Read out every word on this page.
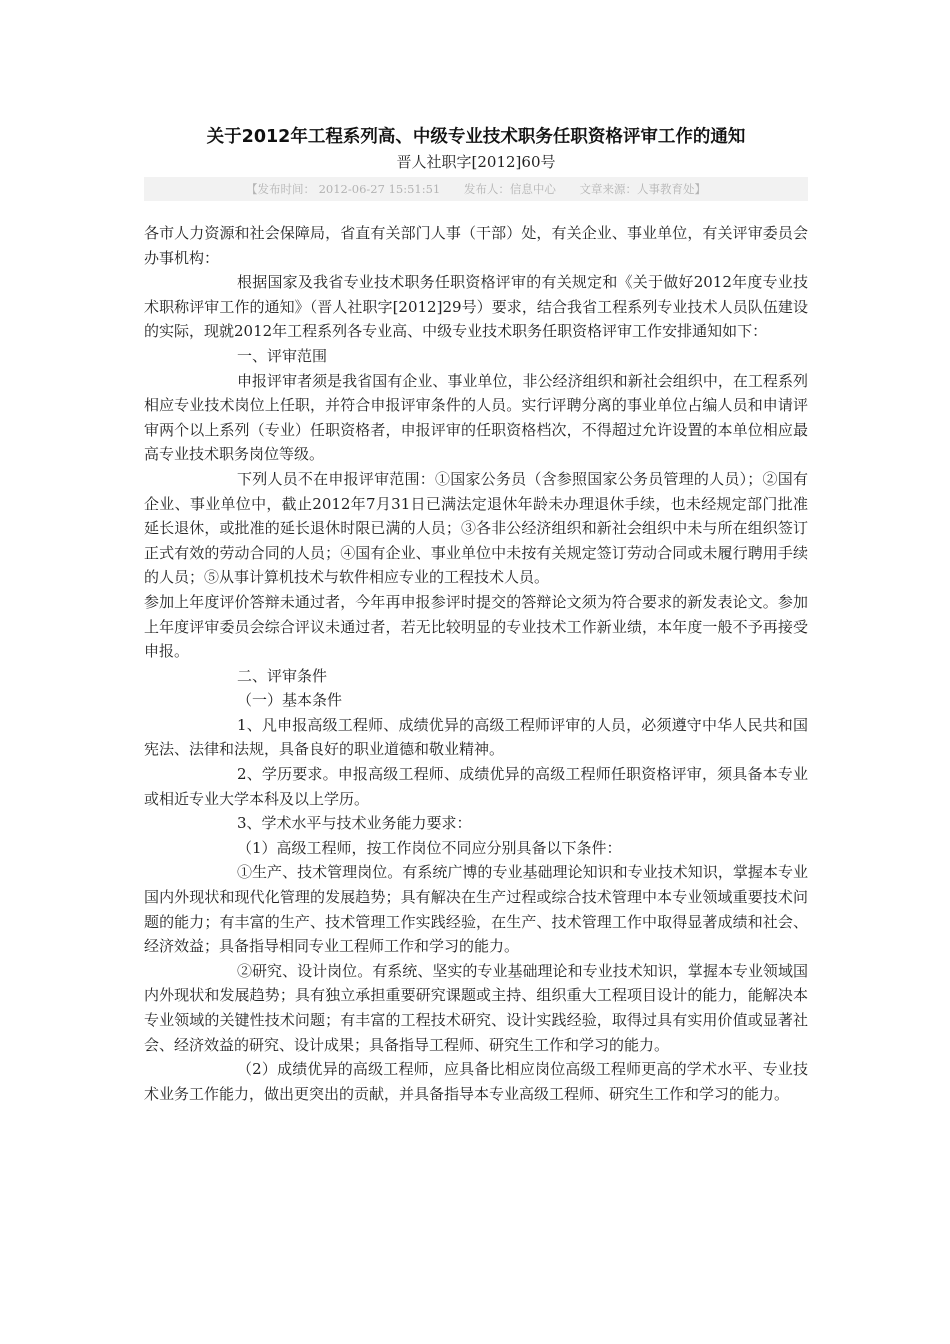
关于2012年工程系列高、中级专业技术职务任职资格评审工作的通知
晋人社职字[2012]60号
【发布时间： 2012-06-27 15:51:51 发布人：信息中心 文章来源：人事教育处】

各市人力资源和社会保障局，省直有关部门人事（干部）处，有关企业、事业单位，有关评审委员会办事机构：

根据国家及我省专业技术职务任职资格评审的有关规定和《关于做好2012年度专业技术职称评审工作的通知》（晋人社职字[2012]29号）要求，结合我省工程系列专业技术人员队伍建设的实际，现就2012年工程系列各专业高、中级专业技术职务任职资格评审工作安排通知如下：

一、评审范围

申报评审者须是我省国有企业、事业单位，非公经济组织和新社会组织中，在工程系列相应专业技术岗位上任职，并符合申报评审条件的人员。实行评聘分离的事业单位占编人员和申请评审两个以上系列（专业）任职资格者，申报评审的任职资格档次，不得超过允许设置的本单位相应最高专业技术职务岗位等级。

下列人员不在申报评审范围：①国家公务员（含参照国家公务员管理的人员）；②国有企业、事业单位中，截止2012年7月31日已满法定退休年龄未办理退休手续，也未经规定部门批准延长退休，或批准的延长退休时限已满的人员；③各非公经济组织和新社会组织中未与所在组织签订正式有效的劳动合同的人员；④国有企业、事业单位中未按有关规定签订劳动合同或未履行聘用手续的人员；⑤从事计算机技术与软件相应专业的工程技术人员。

参加上年度评价答辩未通过者，今年再申报参评时提交的答辩论文须为符合要求的新发表论文。参加上年度评审委员会综合评议未通过者，若无比较明显的专业技术工作新业绩，本年度一般不予再接受申报。

二、评审条件

（一）基本条件

1、凡申报高级工程师、成绩优异的高级工程师评审的人员，必须遵守中华人民共和国宪法、法律和法规，具备良好的职业道德和敬业精神。

2、学历要求。申报高级工程师、成绩优异的高级工程师任职资格评审，须具备本专业或相近专业大学本科及以上学历。

3、学术水平与技术业务能力要求：

（1）高级工程师，按工作岗位不同应分别具备以下条件：

①生产、技术管理岗位。有系统广博的专业基础理论知识和专业技术知识，掌握本专业国内外现状和现代化管理的发展趋势；具有解决在生产过程或综合技术管理中本专业领域重要技术问题的能力；有丰富的生产、技术管理工作实践经验，在生产、技术管理工作中取得显著成绩和社会、经济效益；具备指导相同专业工程师工作和学习的能力。

②研究、设计岗位。有系统、坚实的专业基础理论和专业技术知识，掌握本专业领域国内外现状和发展趋势；具有独立承担重要研究课题或主持、组织重大工程项目设计的能力，能解决本专业领域的关键性技术问题；有丰富的工程技术研究、设计实践经验，取得过具有实用价值或显著社会、经济效益的研究、设计成果；具备指导工程师、研究生工作和学习的能力。

（2）成绩优异的高级工程师，应具备比相应岗位高级工程师更高的学术水平、专业技术业务工作能力，做出更突出的贡献，并具备指导本专业高级工程师、研究生工作和学习的能力。
